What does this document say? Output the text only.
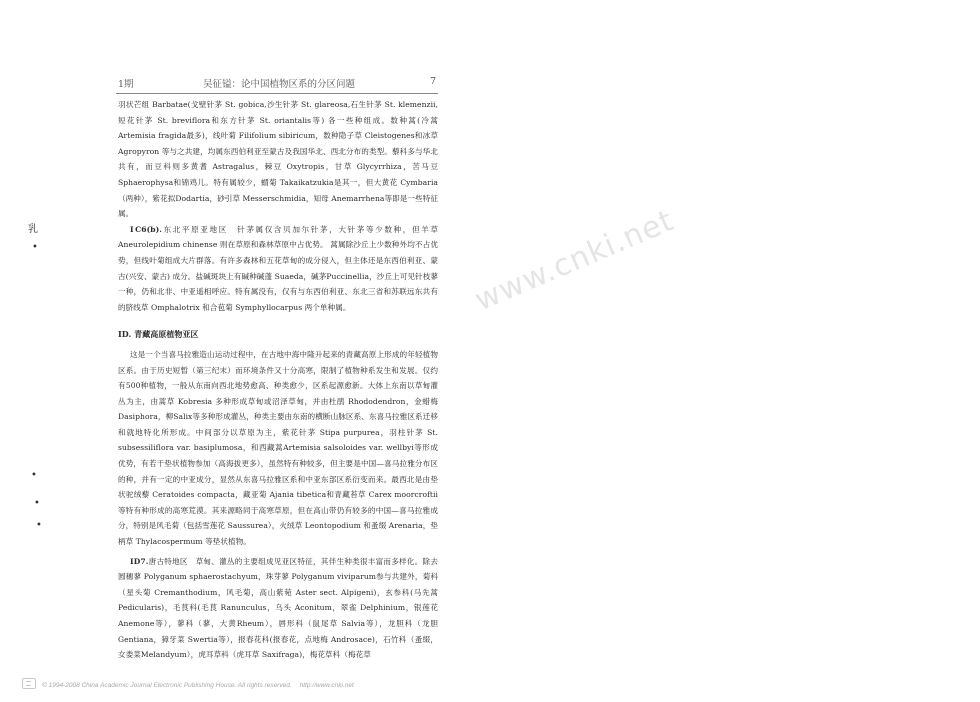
1期	吴征镒：论中国植物区系的分区问题	7

羽状芒组 Barbatae(戈壁针茅 St. gobica,沙生针茅 St. glareosa,石生针茅 St. klemenzii,短花针茅 St. breviflora和东方针茅 St. oriantalis等) 各一些种组成。数种蒿(冷蒿Artemisia fragida最多)，线叶菊 Filifolium sibiricum，数种隐子草 Cleistogenes和冰草 Agropyron 等与之共建，均属东西伯利亚至蒙古及我国华北、西北分布的类型。藜科多与华北共有，而豆科则多黄耆 Astragalus，棘豆 Oxytropis，甘草 Glycyrrhiza，苦马豆 Sphaerophysa和锦鸡儿。特有属较少，蝟菊 Takaikatzukia是其一，但大黄花 Cymbaria（两种），紫花拟Dodartia，砂引草 Messerschmidia，知母 Anemarrhena等即是一些特征属。

ⅠC6(b).东北平原亚地区　针茅属仅含贝加尔针茅，大针茅等少数种，但羊草 Aneurolepidium chinense 则在草原和森林草原中占优势。 蒿属除沙丘上少数种外均不占优势，但线叶菊组成大片群落。有许多森林和五花草甸的成分侵入，但主体还是东西伯利亚、蒙古(兴安、蒙古) 成分。盐碱斑块上有碱种碱蓬 Suaeda，碱茅Puccinellia，沙丘上可见针枝蓼一种，仍和北非、中亚遥相呼应。特有属没有，仅有与东西伯利亚、东北三省和苏联远东共有的脐线草 Omphalotrix 和合苞菊 Symphyllocarpus 两个单种属。

ⅠD. 青藏高原植物亚区

这是一个当喜马拉雅造山运动过程中，在古地中海中隆升起来的青藏高原上形成的年轻植物区系。由于历史短暂（第三纪末）而环境条件又十分高寒，限制了植物种系发生和发展。仅约有500种植物，一般从东南向西北地势愈高、种类愈少，区系起源愈新。大体上东南以草甸灌丛为主，由蒿草 Kobresia 多种形成草甸或沼泽草甸，并由杜鹃 Rhododendron，金蜡梅 Dasiphora，柳Salix等多种形成灌丛，种类主要由东南的横断山脉区系、东喜马拉雅区系迁移和就地特化所形成。中间部分以草原为主，紫花针茅 Stipa purpurea，羽柱针茅 St. subsessiliflora var. basiplumosa，和西藏蒿Artemisia salsoloides var. wellbyi等形成优势，有若干垫状植物参加（高海拔更多），虽然特有种较多，但主要是中国—喜马拉雅分布区的种，并有一定的中亚成分，显然从东喜马拉雅区系和中亚东部区系衍变而来。最西北是由垫状驼绒藜 Ceratoides compacta，藏亚菊 Ajania tibetica和青藏苔草 Carex moorcroftii等特有种形成的高寒荒漠。其来源略同于高寒草原，但在高山带仍有较多的中国—喜马拉雅成分，特别是风毛菊（包括雪莲花 Saussurea），火绒草 Leontopodium 和蚤缀 Arenaria，垫柄草 Thylacospermum 等垫状植物。

ⅠD7.唐古特地区　草甸、灌丛的主要组成见亚区特征，其伴生种类很丰富而多样化。除去圆穗蓼 Polyganum sphaerostachyum，珠芽蓼 Polyganum viviparum参与共建外，菊科（星头菊 Cremanthodium，风毛菊，高山紫菀 Aster sect. Alpigeni)，玄参科(马先蒿 Pedicularis)，毛茛科(毛茛 Ranunculus，乌头 Aconitum，翠雀 Delphinium，银莲花 Anemone等），蓼科（蓼，大黄Rheum），唇形科（鼠尾草 Salvia等），龙胆科（龙胆 Gentiana，獐牙菜 Swertia等），报春花科(报春花，点地梅 Androsace)，石竹科（蚤缀，女娄菜Melandyum），虎耳草科（虎耳草 Saxifraga)，梅花草科（梅花草

www.cnki.net
乳
•
•
•
•
© 1994-2008 China Academic Journal Electronic Publishing House. All rights reserved. http://www.cnki.net
